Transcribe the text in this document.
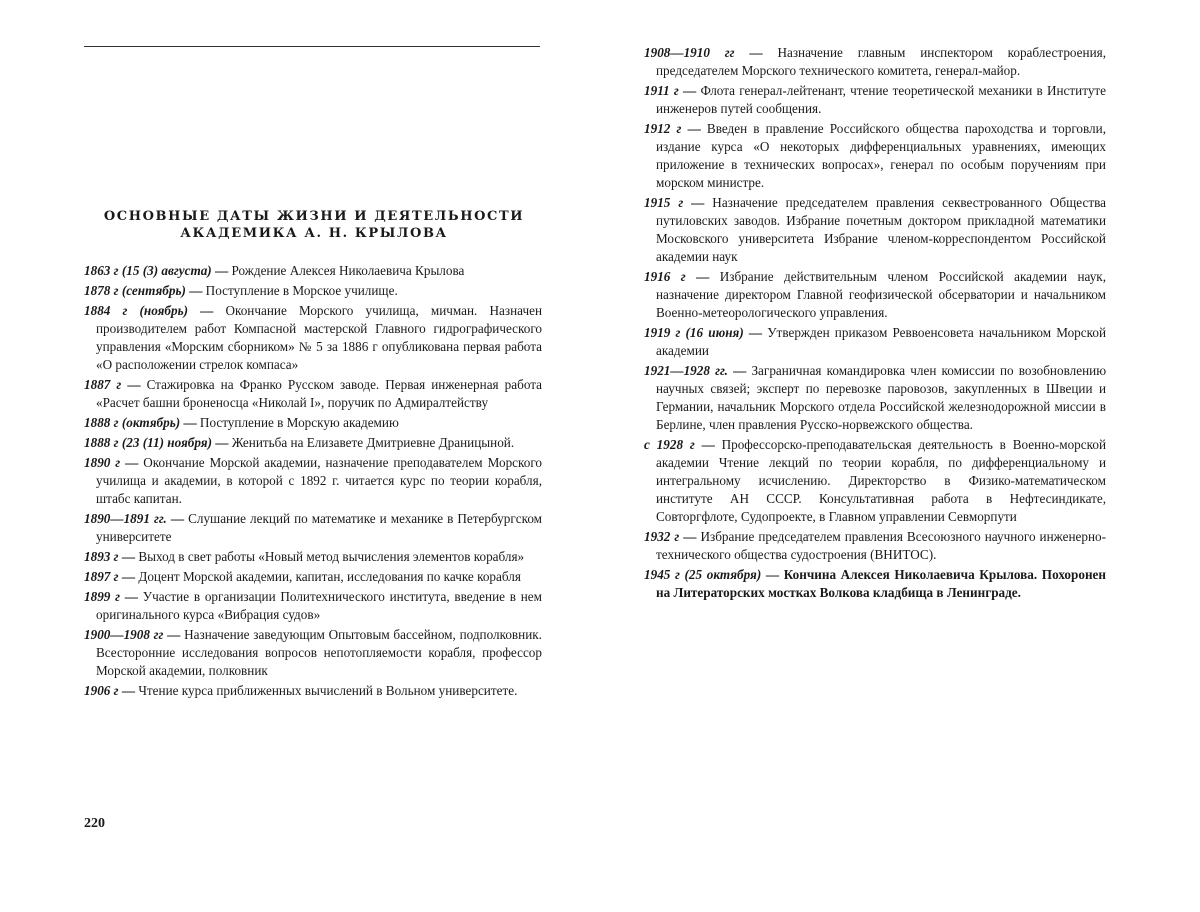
ОСНОВНЫЕ ДАТЫ ЖИЗНИ И ДЕЯТЕЛЬНОСТИ
АКАДЕМИКА А. Н. КРЫЛОВА

1863 г (15 (3) августа) — Рождение Алексея Николаевича Крылова

1878 г (сентябрь) — Поступление в Морское училище.

1884 г (ноябрь) — Окончание Морского училища, мичман. Назначен производителем работ Компасной мастерской Главного гидрографического управления «Морским сборником» № 5 за 1886 г опубликована первая работа «О расположении стрелок компаса»

1887 г — Стажировка на Франко Русском заводе. Первая инженерная работа «Расчет башни броненосца «Николай I», поручик по Адмиралтейству

1888 г (октябрь) — Поступление в Морскую академию

1888 г (23 (11) ноября) — Женитьба на Елизавете Дмитриевне Драницыной.

1890 г — Окончание Морской академии, назначение преподавателем Морского училища и академии, в которой с 1892 г. читается курс по теории корабля, штабс капитан.

1890—1891 гг. — Слушание лекций по математике и механике в Петербургском университете

1893 г — Выход в свет работы «Новый метод вычисления элементов корабля»

1897 г — Доцент Морской академии, капитан, исследования по качке корабля

1899 г — Участие в организации Политехнического института, введение в нем оригинального курса «Вибрация судов»

1900—1908 гг — Назначение заведующим Опытовым бассейном, подполковник. Всесторонние исследования вопросов непотопляемости корабля, профессор Морской академии, полковник

1906 г — Чтение курса приближенных вычислений в Вольном университете.

220

1908—1910 гг — Назначение главным инспектором кораблестроения, председателем Морского технического комитета, генерал-майор.

1911 г — Флота генерал-лейтенант, чтение теоретической механики в Институте инженеров путей сообщения.

1912 г — Введен в правление Российского общества пароходства и торговли, издание курса «О некоторых дифференциальных уравнениях, имеющих приложение в технических вопросах», генерал по особым поручениям при морском министре.

1915 г — Назначение председателем правления секвестрованного Общества путиловских заводов. Избрание почетным доктором прикладной математики Московского университета Избрание членом-корреспондентом Российской академии наук

1916 г — Избрание действительным членом Российской академии наук, назначение директором Главной геофизической обсерватории и начальником Военно-метеорологического управления.

1919 г (16 июня) — Утвержден приказом Реввоенсовета начальником Морской академии

1921—1928 гг. — Заграничная командировка член комиссии по возобновлению научных связей; эксперт по перевозке паровозов, закупленных в Швеции и Германии, начальник Морского отдела Российской железнодорожной миссии в Берлине, член правления Русско-норвежского общества.

с 1928 г — Профессорско-преподавательская деятельность в Военно-морской академии Чтение лекций по теории корабля, по дифференциальному и интегральному исчислению. Директорство в Физико-математическом институте АН СССР. Консультативная работа в Нефтесиндикате, Совторгфлоте, Судопроекте, в Главном управлении Севморпути

1932 г — Избрание председателем правления Всесоюзного научного инженерно-технического общества судостроения (ВНИТОС).

1945 г (25 октября) — Кончина Алексея Николаевича Крылова. Похоронен на Литераторских мостках Волкова кладбища в Ленинграде.
